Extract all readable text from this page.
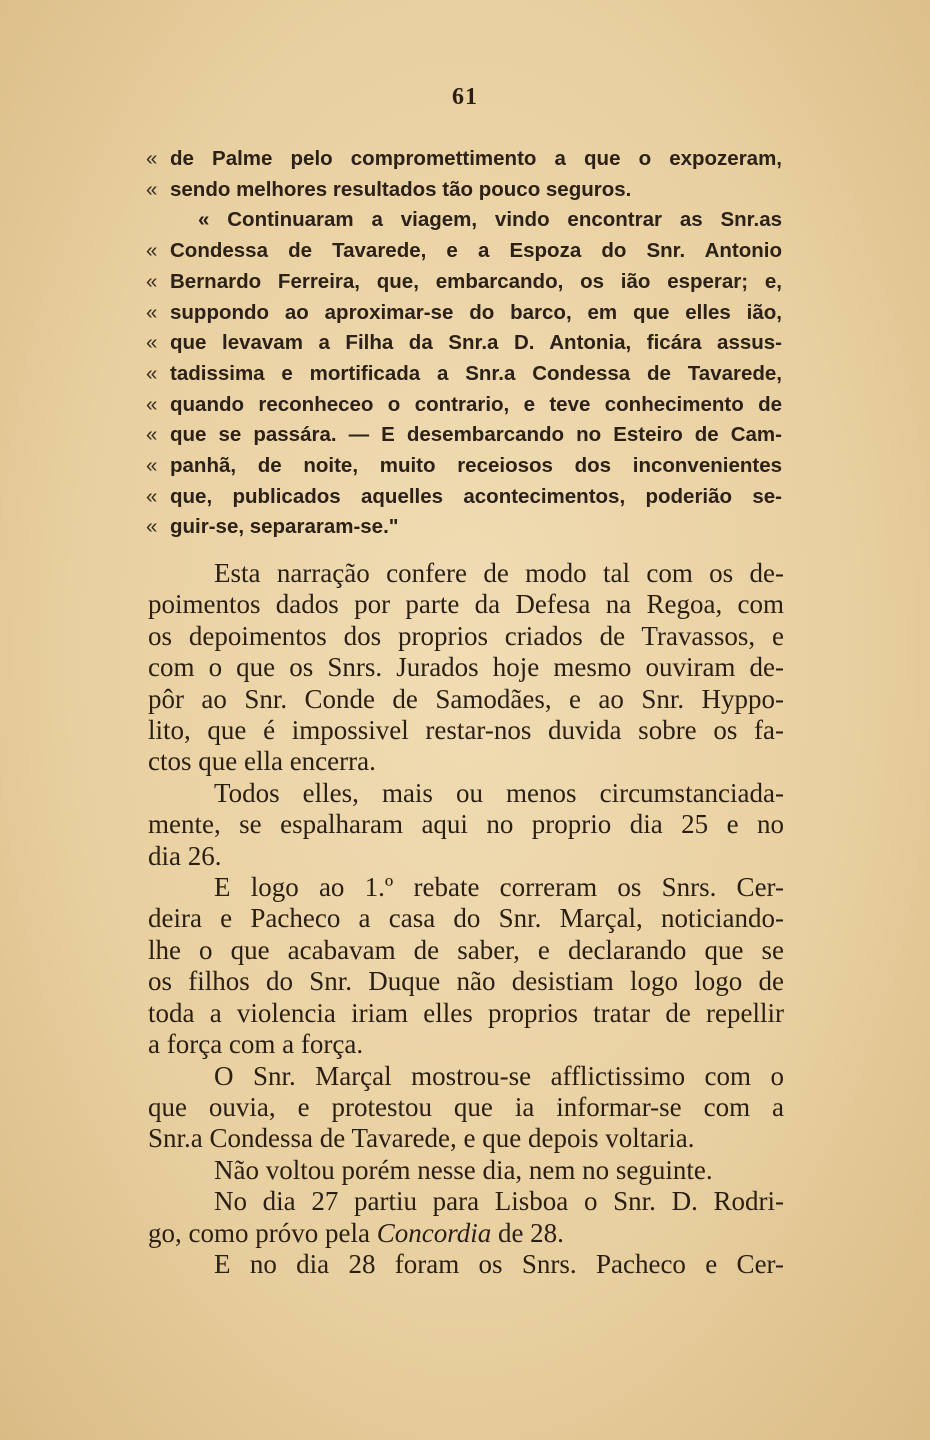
61
« de Palme pelo compromettimento a que o expozeram,
« sendo melhores resultados tão pouco seguros.
« Continuaram a viagem, vindo encontrar as Snr.as
« Condessa de Tavarede, e a Espoza do Snr. Antonio
« Bernardo Ferreira, que, embarcando, os ião esperar; e,
« suppondo ao aproximar-se do barco, em que elles ião,
« que levavam a Filha da Snr.a D. Antonia, ficára assus-
« tadissima e mortificada a Snr.a Condessa de Tavarede,
« quando reconheceo o contrario, e teve conhecimento de
« que se passára. — E desembarcando no Esteiro de Cam-
« panhã, de noite, muito receiosos dos inconvenientes
« que, publicados aquelles acontecimentos, poderião se-
« guir-se, separaram-se."
Esta narração confere de modo tal com os de-
poimentos dados por parte da Defesa na Regoa, com
os depoimentos dos proprios criados de Travassos, e
com o que os Snrs. Jurados hoje mesmo ouviram de-
pôr ao Snr. Conde de Samodães, e ao Snr. Hyppo-
lito, que é impossivel restar-nos duvida sobre os fa-
ctos que ella encerra.
Todos elles, mais ou menos circumstanciada-
mente, se espalharam aqui no proprio dia 25 e no
dia 26.
E logo ao 1.º rebate correram os Snrs. Cer-
deira e Pacheco a casa do Snr. Marçal, noticiando-
lhe o que acabavam de saber, e declarando que se
os filhos do Snr. Duque não desistiam logo logo de
toda a violencia iriam elles proprios tratar de repellir
a força com a força.
O Snr. Marçal mostrou-se afflictissimo com o
que ouvia, e protestou que ia informar-se com a
Snr.a Condessa de Tavarede, e que depois voltaria.
Não voltou porém nesse dia, nem no seguinte.
No dia 27 partiu para Lisboa o Snr. D. Rodri-
go, como próvo pela Concordia de 28.
E no dia 28 foram os Snrs. Pacheco e Cer-
